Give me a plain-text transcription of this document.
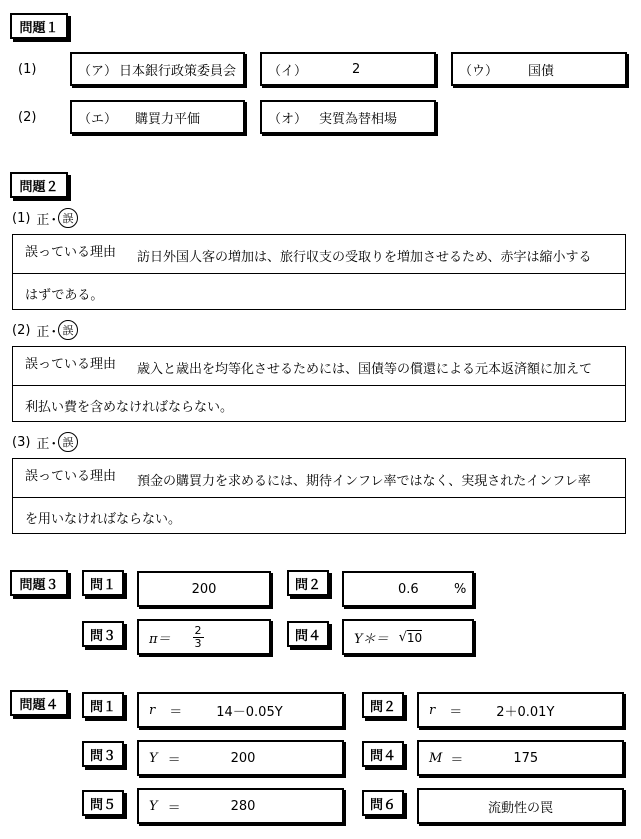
問題１
(1)	（ア） 日本銀行政策委員会 （イ）	2	（ウ） 国債
(2)	（エ） 購買力平価	（オ） 実質為替相場
問題２
(1) 正 ･ 誤
誤っている理由 訪日外国人客の増加は、旅行収支の受取りを増加させるため、赤字は縮小する
はずである。
(2) 正 ･ 誤
誤っている理由 歳入と歳出を均等化させるためには、国債等の償還による元本返済額に加えて
利払い費を含めなければならない。
(3) 正 ･ 誤
誤っている理由 預金の購買力を求めるには、期待インフレ率ではなく、実現されたインフレ率
を用いなければならない。
問題３	問１	200	問２	0.6	%
問３	$\pi= \frac{2}{3}$	問４	Y＊＝ √ 10
問題４	問１	r ＝	14－0.05Y	問２	r ＝	2＋0.01Y
問３	Y ＝	200	問４	M ＝	175
問５	Y ＝	280	問６	流動性の罠
